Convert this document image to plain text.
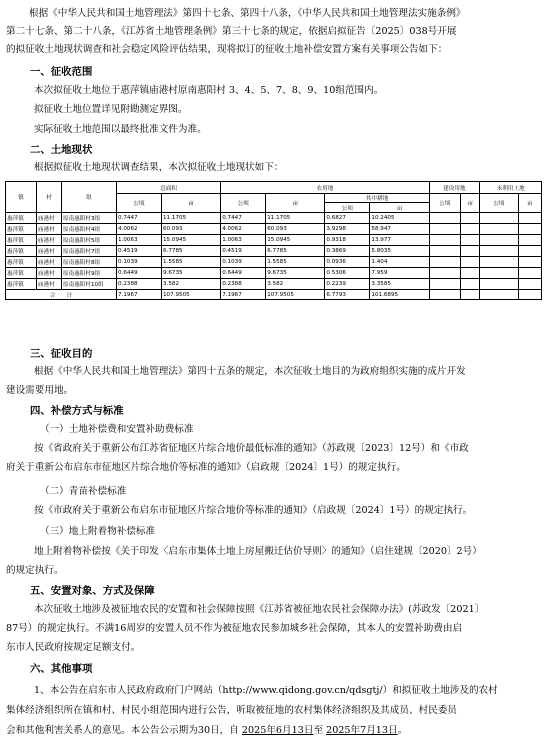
根据《中华人民共和国土地管理法》第四十七条、第四十八条，《中华人民共和国土地管理法实施条例》
第二十七条、第二十八条，《江苏省土地管理条例》第三十七条的规定，依据启拟征告〔2025〕038号开展
的拟征收土地现状调查和社会稳定风险评估结果，现将拟订的征收土地补偿安置方案有关事项公告如下：
一、征收范围
本次拟征收土地位于惠萍镇庙港村原南惠阳村 3、4、5、7、8、9、10组范围内。
拟征收土地位置详见附勘测定界图。
实际征收土地范围以最终批准文件为准。
二、土地现状
根据拟征收土地现状调查结果，本次拟征收土地现状如下：
镇	村	组	总面积		农用地				建设用地		未利用土地	
			公顷	亩	公顷	亩	其中耕地		公顷	亩	公顷	亩
							公顷	亩				
惠萍镇	庙港村	原南惠阳村3组	0.7447	11.1705	0.7447	11.1705	0.6827	10.2405				
惠萍镇	庙港村	原南惠阳村4组	4.0062	60.093	4.0062	60.093	3.9298	58.947				
惠萍镇	庙港村	原南惠阳村5组	1.0063	15.0945	1.0063	15.0945	0.9318	13.977				
惠萍镇	庙港村	原南惠阳村7组	0.4519	6.7785	0.4519	6.7785	0.3869	5.8035				
惠萍镇	庙港村	原南惠阳村8组	0.1039	1.5585	0.1039	1.5585	0.0936	1.404				
惠萍镇	庙港村	原南惠阳村9组	0.6449	9.6735	0.6449	9.6735	0.5306	7.959				
惠萍镇	庙港村	原南惠阳村10组	0.2388	3.582	0.2388	3.582	0.2239	3.3585				
合　　计			7.1967	107.9505	7.1967	107.9505	6.7793	101.6895				
三、征收目的
根据《中华人民共和国土地管理法》第四十五条的规定，本次征收土地目的为政府组织实施的成片开发
建设需要用地。
四、补偿方式与标准
（一）土地补偿费和安置补助费标准
按《省政府关于重新公布江苏省征地区片综合地价最低标准的通知》（苏政规〔2023〕12号）和《市政
府关于重新公布启东市征地区片综合地价等标准的通知》（启政规〔2024〕1号）的规定执行。
（二）青苗补偿标准
按《市政府关于重新公布启东市征地区片综合地价等标准的通知》（启政规〔2024〕1号）的规定执行。
（三）地上附着物补偿标准
地上附着物补偿按《关于印发〈启东市集体土地上房屋搬迁估价导则〉的通知》（启住建规〔2020〕2号）
的规定执行。
五、安置对象、方式及保障
本次征收土地涉及被征地农民的安置和社会保障按照《江苏省被征地农民社会保障办法》(苏政发〔2021〕
87号）的规定执行。不满16周岁的安置人员不作为被征地农民参加城乡社会保障，其本人的安置补助费由启
东市人民政府按规定足额支付。
六、其他事项
1、本公告在启东市人民政府政府门户网站（http://www.qidong.gov.cn/qdsgtj/）和拟征收土地涉及的农村
集体经济组织所在镇和村、村民小组范围内进行公告，听取被征地的农村集体经济组织及其成员、村民委员
会和其他利害关系人的意见。本公告公示期为30日，自 2025年6月13日至 2025年7月13日。
